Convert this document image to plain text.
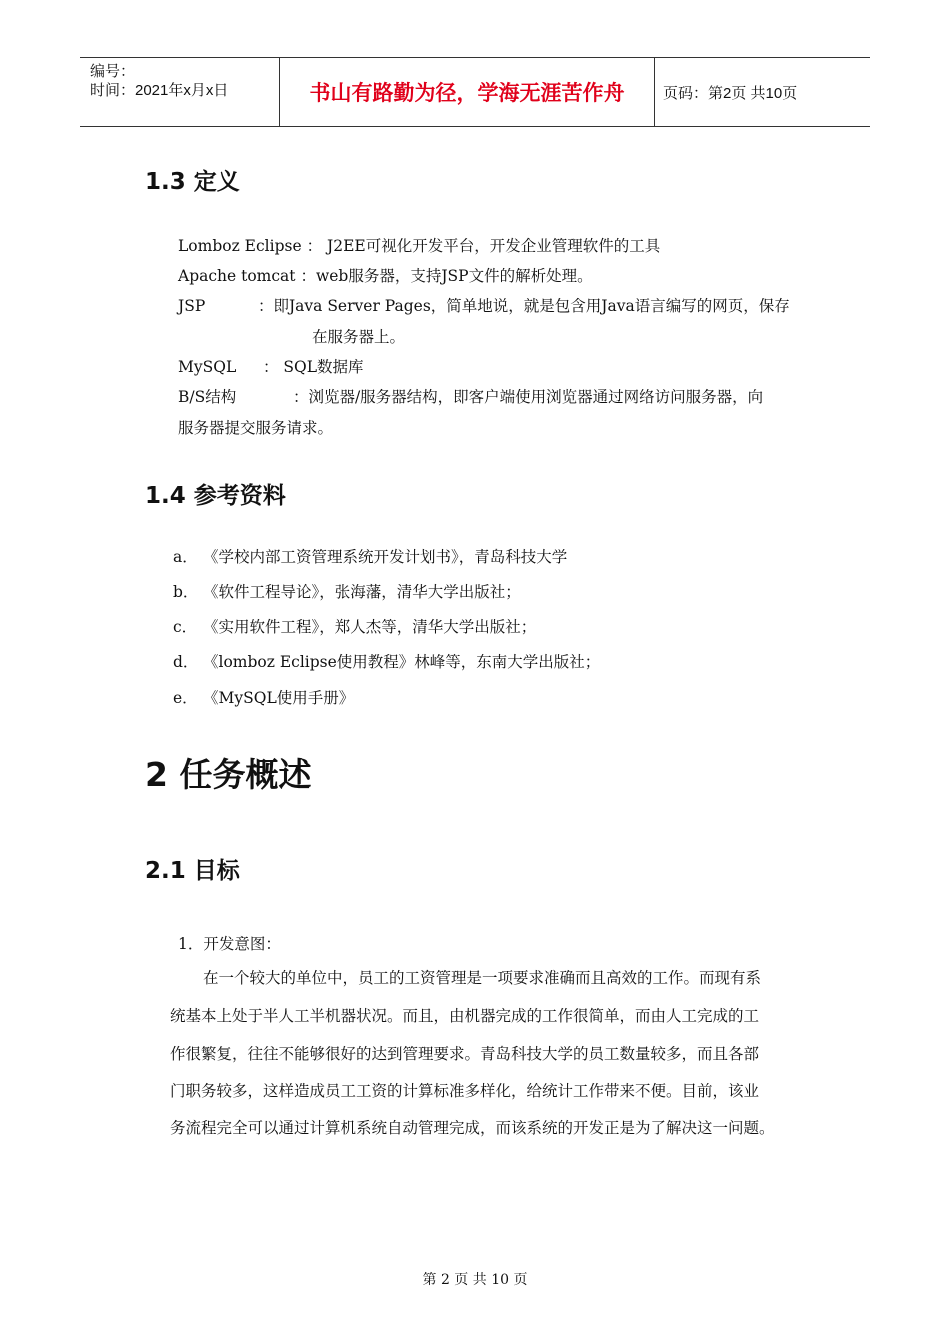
编号：
时间：2021年x月x日	书山有路勤为径，学海无涯苦作舟	页码：第2页 共10页
1.3 定义
Lomboz Eclipse ： J2EE可视化开发平台，开发企业管理软件的工具
Apache tomcat ：web服务器，支持JSP文件的解析处理。
JSP	：即Java Server Pages，简单地说，就是包含用Java语言编写的网页，保存
在服务器上。
MySQL ： SQL数据库
B/S结构	：浏览器/服务器结构，即客户端使用浏览器通过网络访问服务器，向
服务器提交服务请求。
1.4 参考资料
a． 《学校内部工资管理系统开发计划书》，青岛科技大学
b． 《软件工程导论》，张海藩，清华大学出版社；
c． 《实用软件工程》，郑人杰等，清华大学出版社；
d． 《lomboz Eclipse使用教程》林峰等，东南大学出版社；
e． 《MySQL使用手册》
2 任务概述
2.1 目标
1．开发意图：
在一个较大的单位中，员工的工资管理是一项要求准确而且高效的工作。而现有系
统基本上处于半人工半机器状况。而且，由机器完成的工作很简单，而由人工完成的工
作很繁复，往往不能够很好的达到管理要求。青岛科技大学的员工数量较多，而且各部
门职务较多，这样造成员工工资的计算标准多样化，给统计工作带来不便。目前，该业
务流程完全可以通过计算机系统自动管理完成，而该系统的开发正是为了解决这一问题。
第 2 页 共 10 页
